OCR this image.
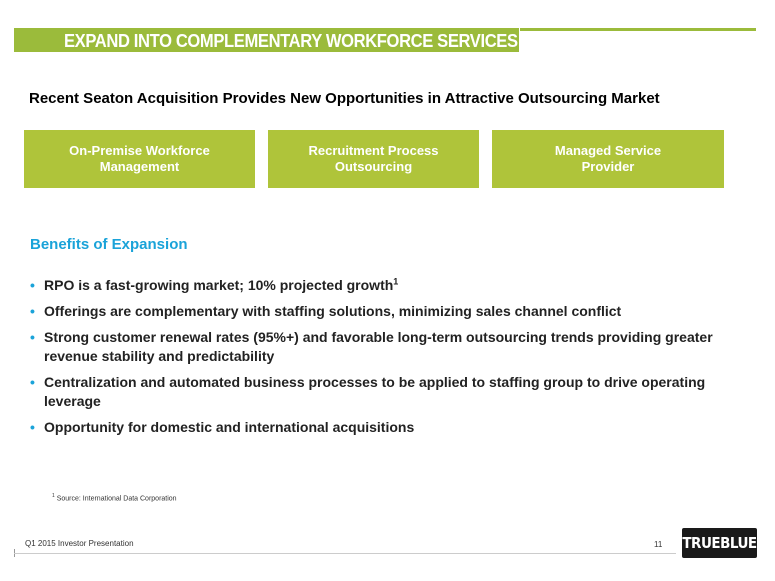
EXPAND INTO COMPLEMENTARY WORKFORCE SERVICES
Recent Seaton Acquisition Provides New Opportunities in Attractive Outsourcing Market
On-Premise Workforce
Management
Recruitment Process
Outsourcing
Managed Service
Provider
Benefits of Expansion
• RPO is a fast-growing market; 10% projected growth$^1$
• Offerings are complementary with staffing solutions, minimizing sales channel conflict
• Strong customer renewal rates (95%+) and favorable long-term outsourcing trends providing greater revenue stability and predictability
• Centralization and automated business processes to be applied to staffing group to drive operating leverage
• Opportunity for domestic and international acquisitions
$^1$ Source: International Data Corporation
Q1 2015 Investor Presentation	11 TRUEBLUE
